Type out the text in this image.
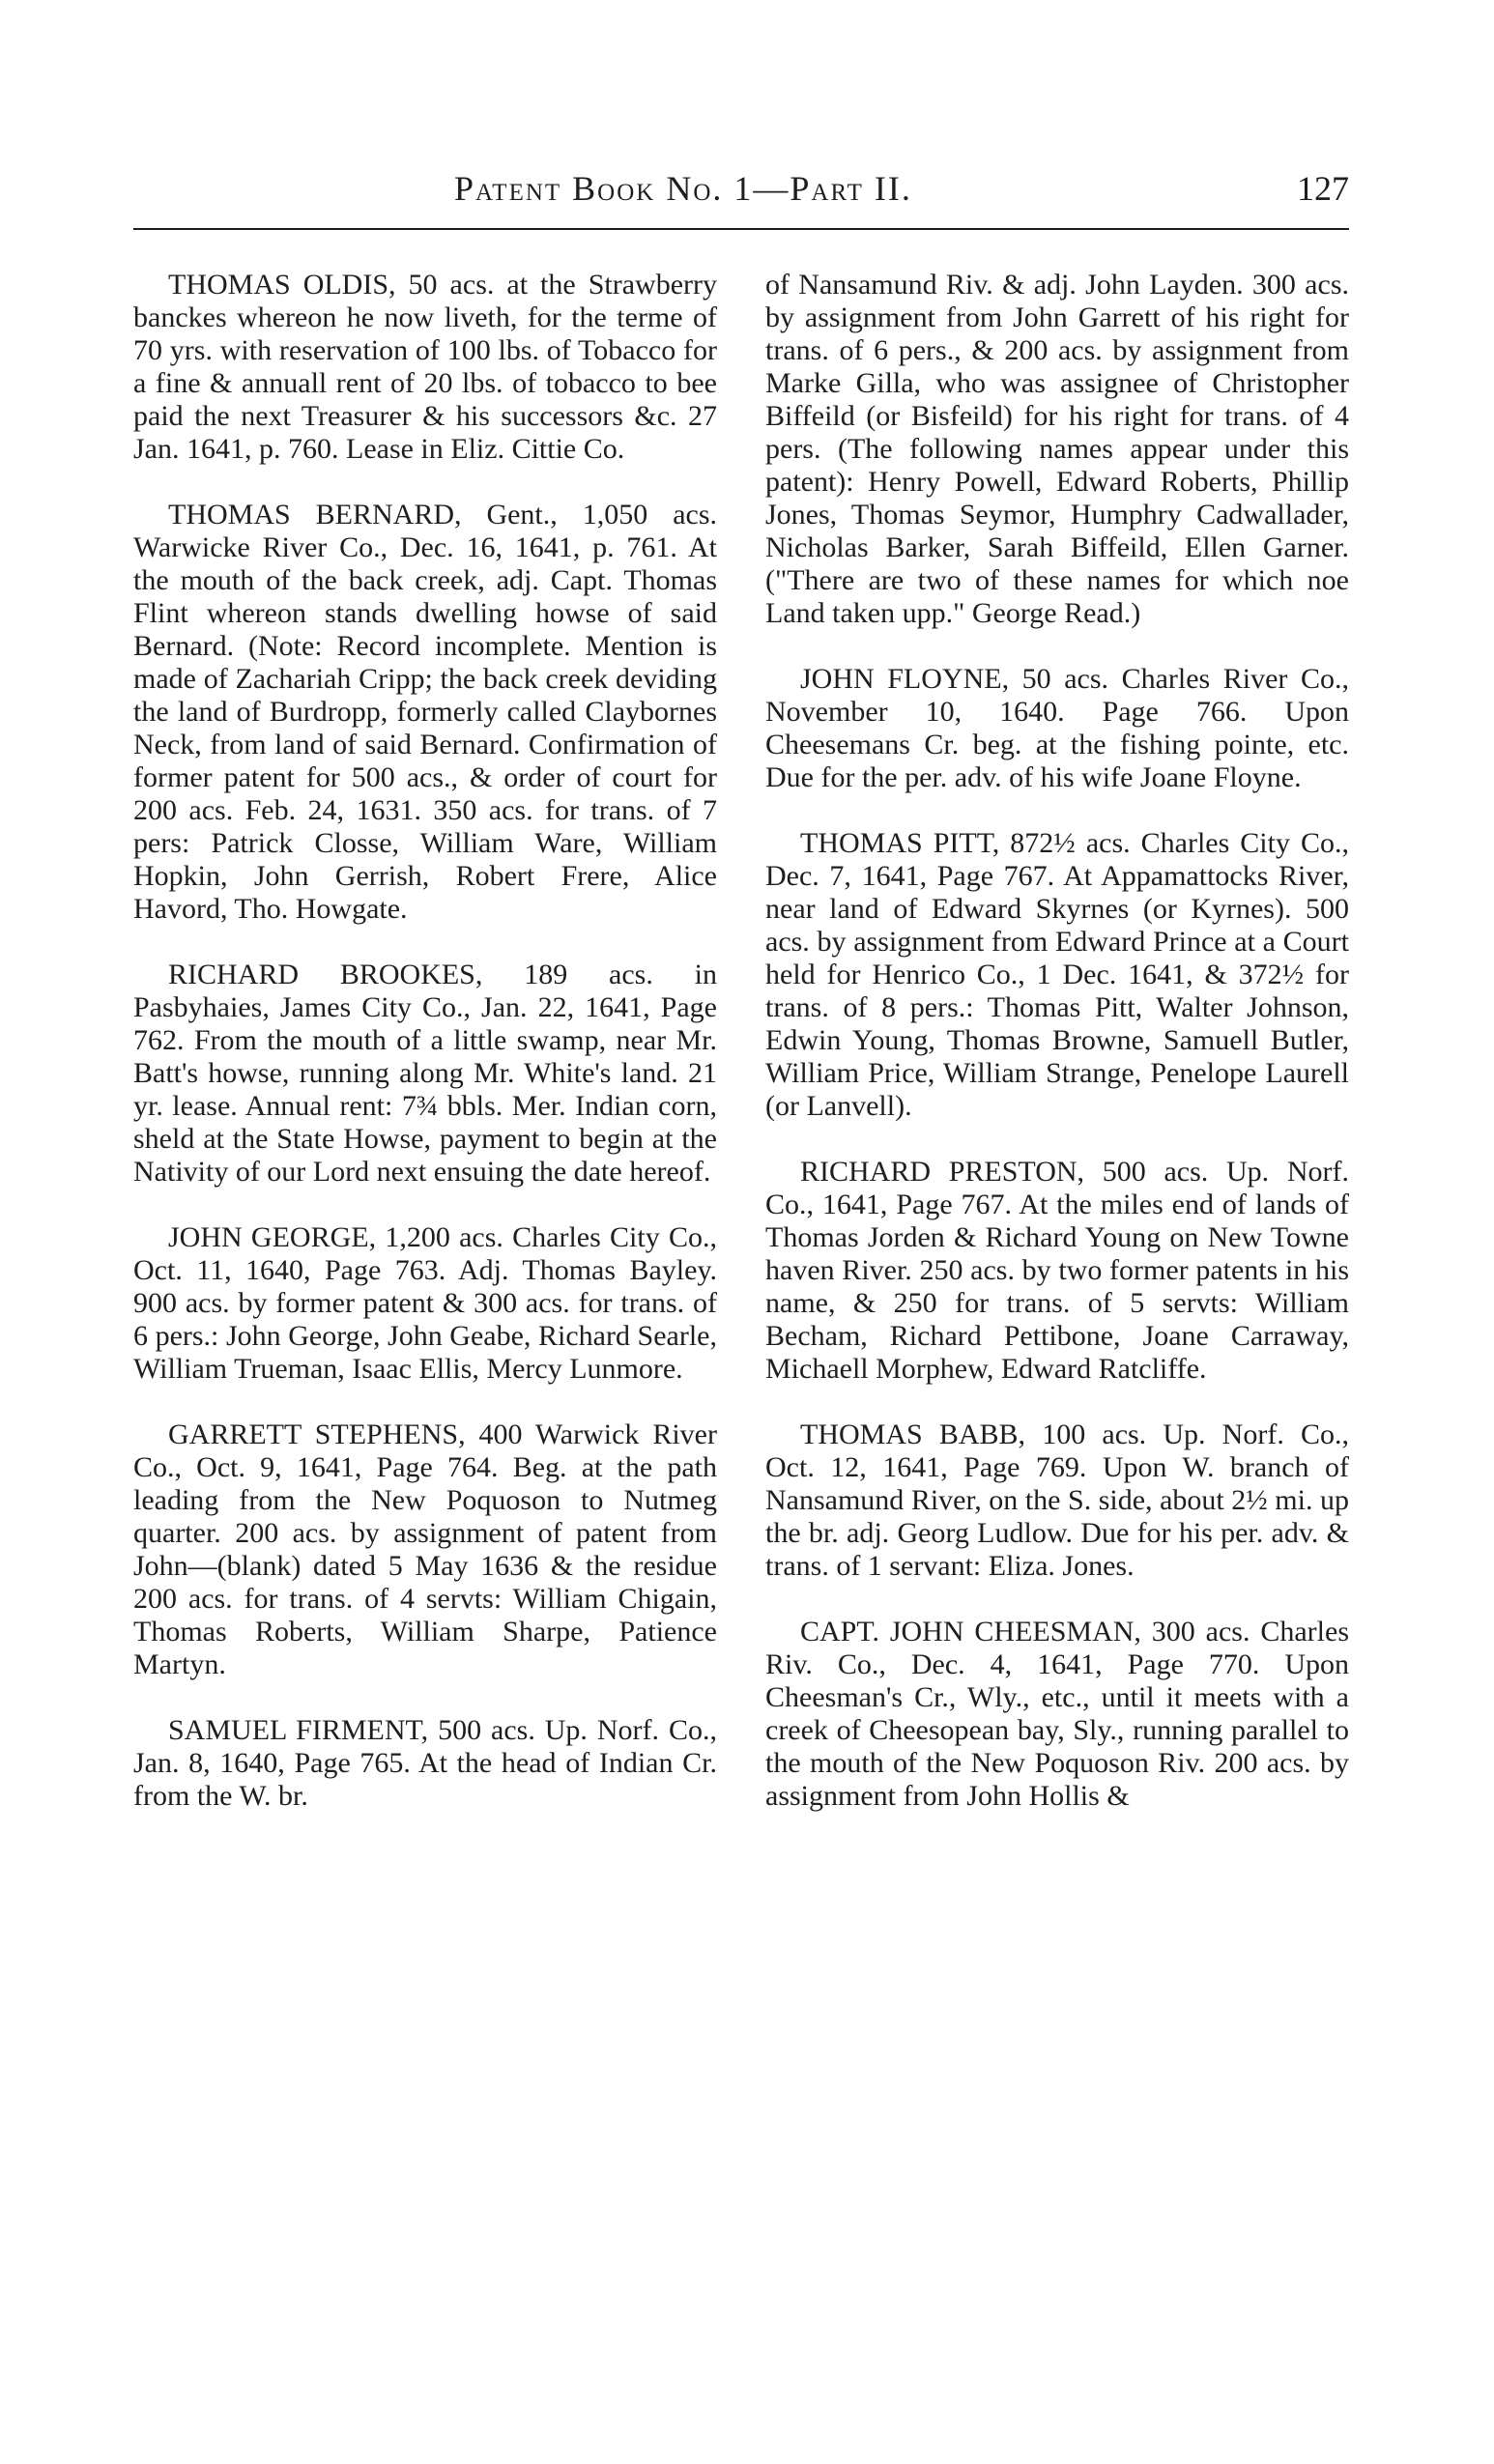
Patent Book No. 1—Part II.	127

THOMAS OLDIS, 50 acs. at the Strawberry banckes whereon he now liveth, for the terme of 70 yrs. with reservation of 100 lbs. of Tobacco for a fine & annuall rent of 20 lbs. of tobacco to bee paid the next Treasurer & his successors &c. 27 Jan. 1641, p. 760. Lease in Eliz. Cittie Co.

THOMAS BERNARD, Gent., 1,050 acs. Warwicke River Co., Dec. 16, 1641, p. 761. At the mouth of the back creek, adj. Capt. Thomas Flint whereon stands dwelling howse of said Bernard. (Note: Record incomplete. Mention is made of Zachariah Cripp; the back creek deviding the land of Burdropp, formerly called Claybornes Neck, from land of said Bernard. Confirmation of former patent for 500 acs., & order of court for 200 acs. Feb. 24, 1631. 350 acs. for trans. of 7 pers: Patrick Closse, William Ware, William Hopkin, John Gerrish, Robert Frere, Alice Havord, Tho. Howgate.

RICHARD BROOKES, 189 acs. in Pasbyhaies, James City Co., Jan. 22, 1641, Page 762. From the mouth of a little swamp, near Mr. Batt's howse, running along Mr. White's land. 21 yr. lease. Annual rent: 7¾ bbls. Mer. Indian corn, sheld at the State Howse, payment to begin at the Nativity of our Lord next ensuing the date hereof.

JOHN GEORGE, 1,200 acs. Charles City Co., Oct. 11, 1640, Page 763. Adj. Thomas Bayley. 900 acs. by former patent & 300 acs. for trans. of 6 pers.: John George, John Geabe, Richard Searle, William Trueman, Isaac Ellis, Mercy Lunmore.

GARRETT STEPHENS, 400 Warwick River Co., Oct. 9, 1641, Page 764. Beg. at the path leading from the New Poquoson to Nutmeg quarter. 200 acs. by assignment of patent from John—(blank) dated 5 May 1636 & the residue 200 acs. for trans. of 4 servts: William Chigain, Thomas Roberts, William Sharpe, Patience Martyn.

SAMUEL FIRMENT, 500 acs. Up. Norf. Co., Jan. 8, 1640, Page 765. At the head of Indian Cr. from the W. br.

of Nansamund Riv. & adj. John Layden. 300 acs. by assignment from John Garrett of his right for trans. of 6 pers., & 200 acs. by assignment from Marke Gilla, who was assignee of Christopher Biffeild (or Bisfeild) for his right for trans. of 4 pers. (The following names appear under this patent): Henry Powell, Edward Roberts, Phillip Jones, Thomas Seymor, Humphry Cadwallader, Nicholas Barker, Sarah Biffeild, Ellen Garner. ("There are two of these names for which noe Land taken upp." George Read.)

JOHN FLOYNE, 50 acs. Charles River Co., November 10, 1640. Page 766. Upon Cheesemans Cr. beg. at the fishing pointe, etc. Due for the per. adv. of his wife Joane Floyne.

THOMAS PITT, 872½ acs. Charles City Co., Dec. 7, 1641, Page 767. At Appamattocks River, near land of Edward Skyrnes (or Kyrnes). 500 acs. by assignment from Edward Prince at a Court held for Henrico Co., 1 Dec. 1641, & 372½ for trans. of 8 pers.: Thomas Pitt, Walter Johnson, Edwin Young, Thomas Browne, Samuell Butler, William Price, William Strange, Penelope Laurell (or Lanvell).

RICHARD PRESTON, 500 acs. Up. Norf. Co., 1641, Page 767. At the miles end of lands of Thomas Jorden & Richard Young on New Towne haven River. 250 acs. by two former patents in his name, & 250 for trans. of 5 servts: William Becham, Richard Pettibone, Joane Carraway, Michaell Morphew, Edward Ratcliffe.

THOMAS BABB, 100 acs. Up. Norf. Co., Oct. 12, 1641, Page 769. Upon W. branch of Nansamund River, on the S. side, about 2½ mi. up the br. adj. Georg Ludlow. Due for his per. adv. & trans. of 1 servant: Eliza. Jones.

CAPT. JOHN CHEESMAN, 300 acs. Charles Riv. Co., Dec. 4, 1641, Page 770. Upon Cheesman's Cr., Wly., etc., until it meets with a creek of Cheesopean bay, Sly., running parallel to the mouth of the New Poquoson Riv. 200 acs. by assignment from John Hollis &
